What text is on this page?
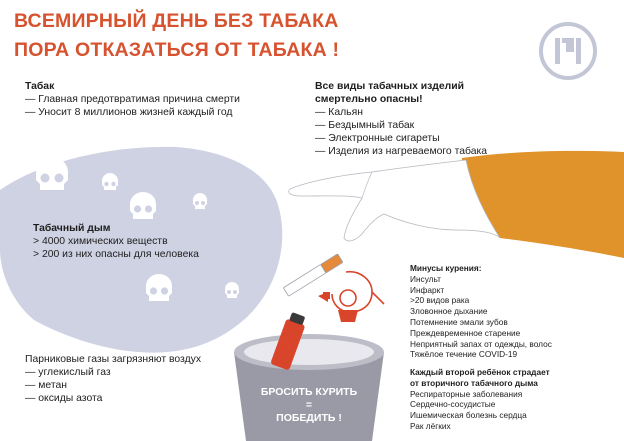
ВСЕМИРНЫЙ ДЕНЬ БЕЗ ТАБАКА
ПОРА ОТКАЗАТЬСЯ ОТ ТАБАКА !
Табак
— Главная предотвратимая причина смерти
— Уносит 8 миллионов жизней каждый год
Все виды табачных изделий
смертельно опасны!
— Кальян
— Бездымный табак
— Электронные сигареты
— Изделия из нагреваемого табака
Табачный дым
> 4000 химических веществ
> 200 из них опасны для человека
Минусы курения:
Инсульт
Инфаркт
>20 видов рака
Зловонное дыхание
Потемнение эмали зубов
Преждевременное старение
Неприятный запах от одежды, волос
Тяжёлое течение COVID-19
Каждый второй ребёнок страдает
от вторичного табачного дыма
Респираторные заболевания
Сердечно-сосудистые
Ишемическая болезнь сердца
Рак лёгких
Парниковые газы загрязняют воздух
— углекислый газ
— метан
— оксиды азота
БРОСИТЬ КУРИТЬ
=
ПОБЕДИТЬ !
